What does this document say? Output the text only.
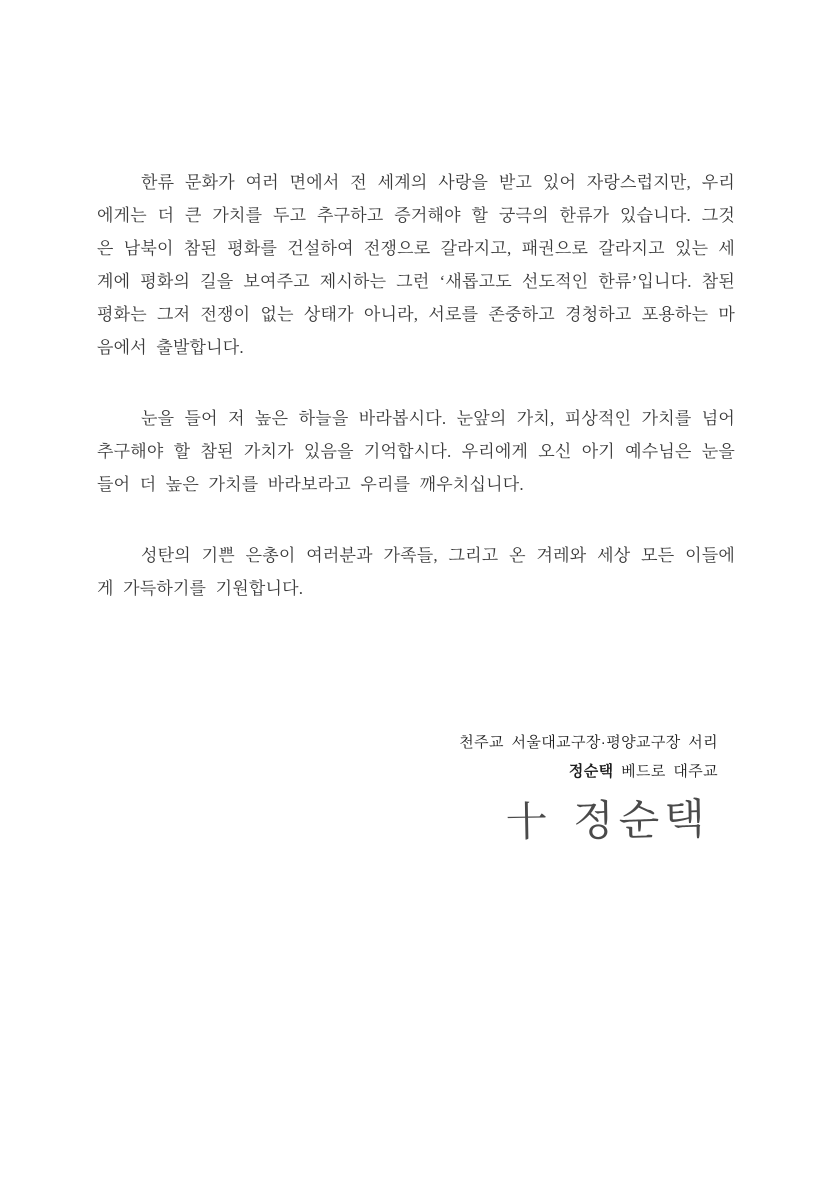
한류 문화가 여러 면에서 전 세계의 사랑을 받고 있어 자랑스럽지만, 우리에게는 더 큰 가치를 두고 추구하고 증거해야 할 궁극의 한류가 있습니다. 그것은 남북이 참된 평화를 건설하여 전쟁으로 갈라지고, 패권으로 갈라지고 있는 세계에 평화의 길을 보여주고 제시하는 그런 ‘새롭고도 선도적인 한류’입니다. 참된 평화는 그저 전쟁이 없는 상태가 아니라, 서로를 존중하고 경청하고 포용하는 마음에서 출발합니다.

눈을 들어 저 높은 하늘을 바라봅시다. 눈앞의 가치, 피상적인 가치를 넘어 추구해야 할 참된 가치가 있음을 기억합시다. 우리에게 오신 아기 예수님은 눈을 들어 더 높은 가치를 바라보라고 우리를 깨우치십니다.

성탄의 기쁜 은총이 여러분과 가족들, 그리고 온 겨레와 세상 모든 이들에게 가득하기를 기원합니다.

천주교 서울대교구장·평양교구장 서리
정순택 베드로 대주교
十 정순택
